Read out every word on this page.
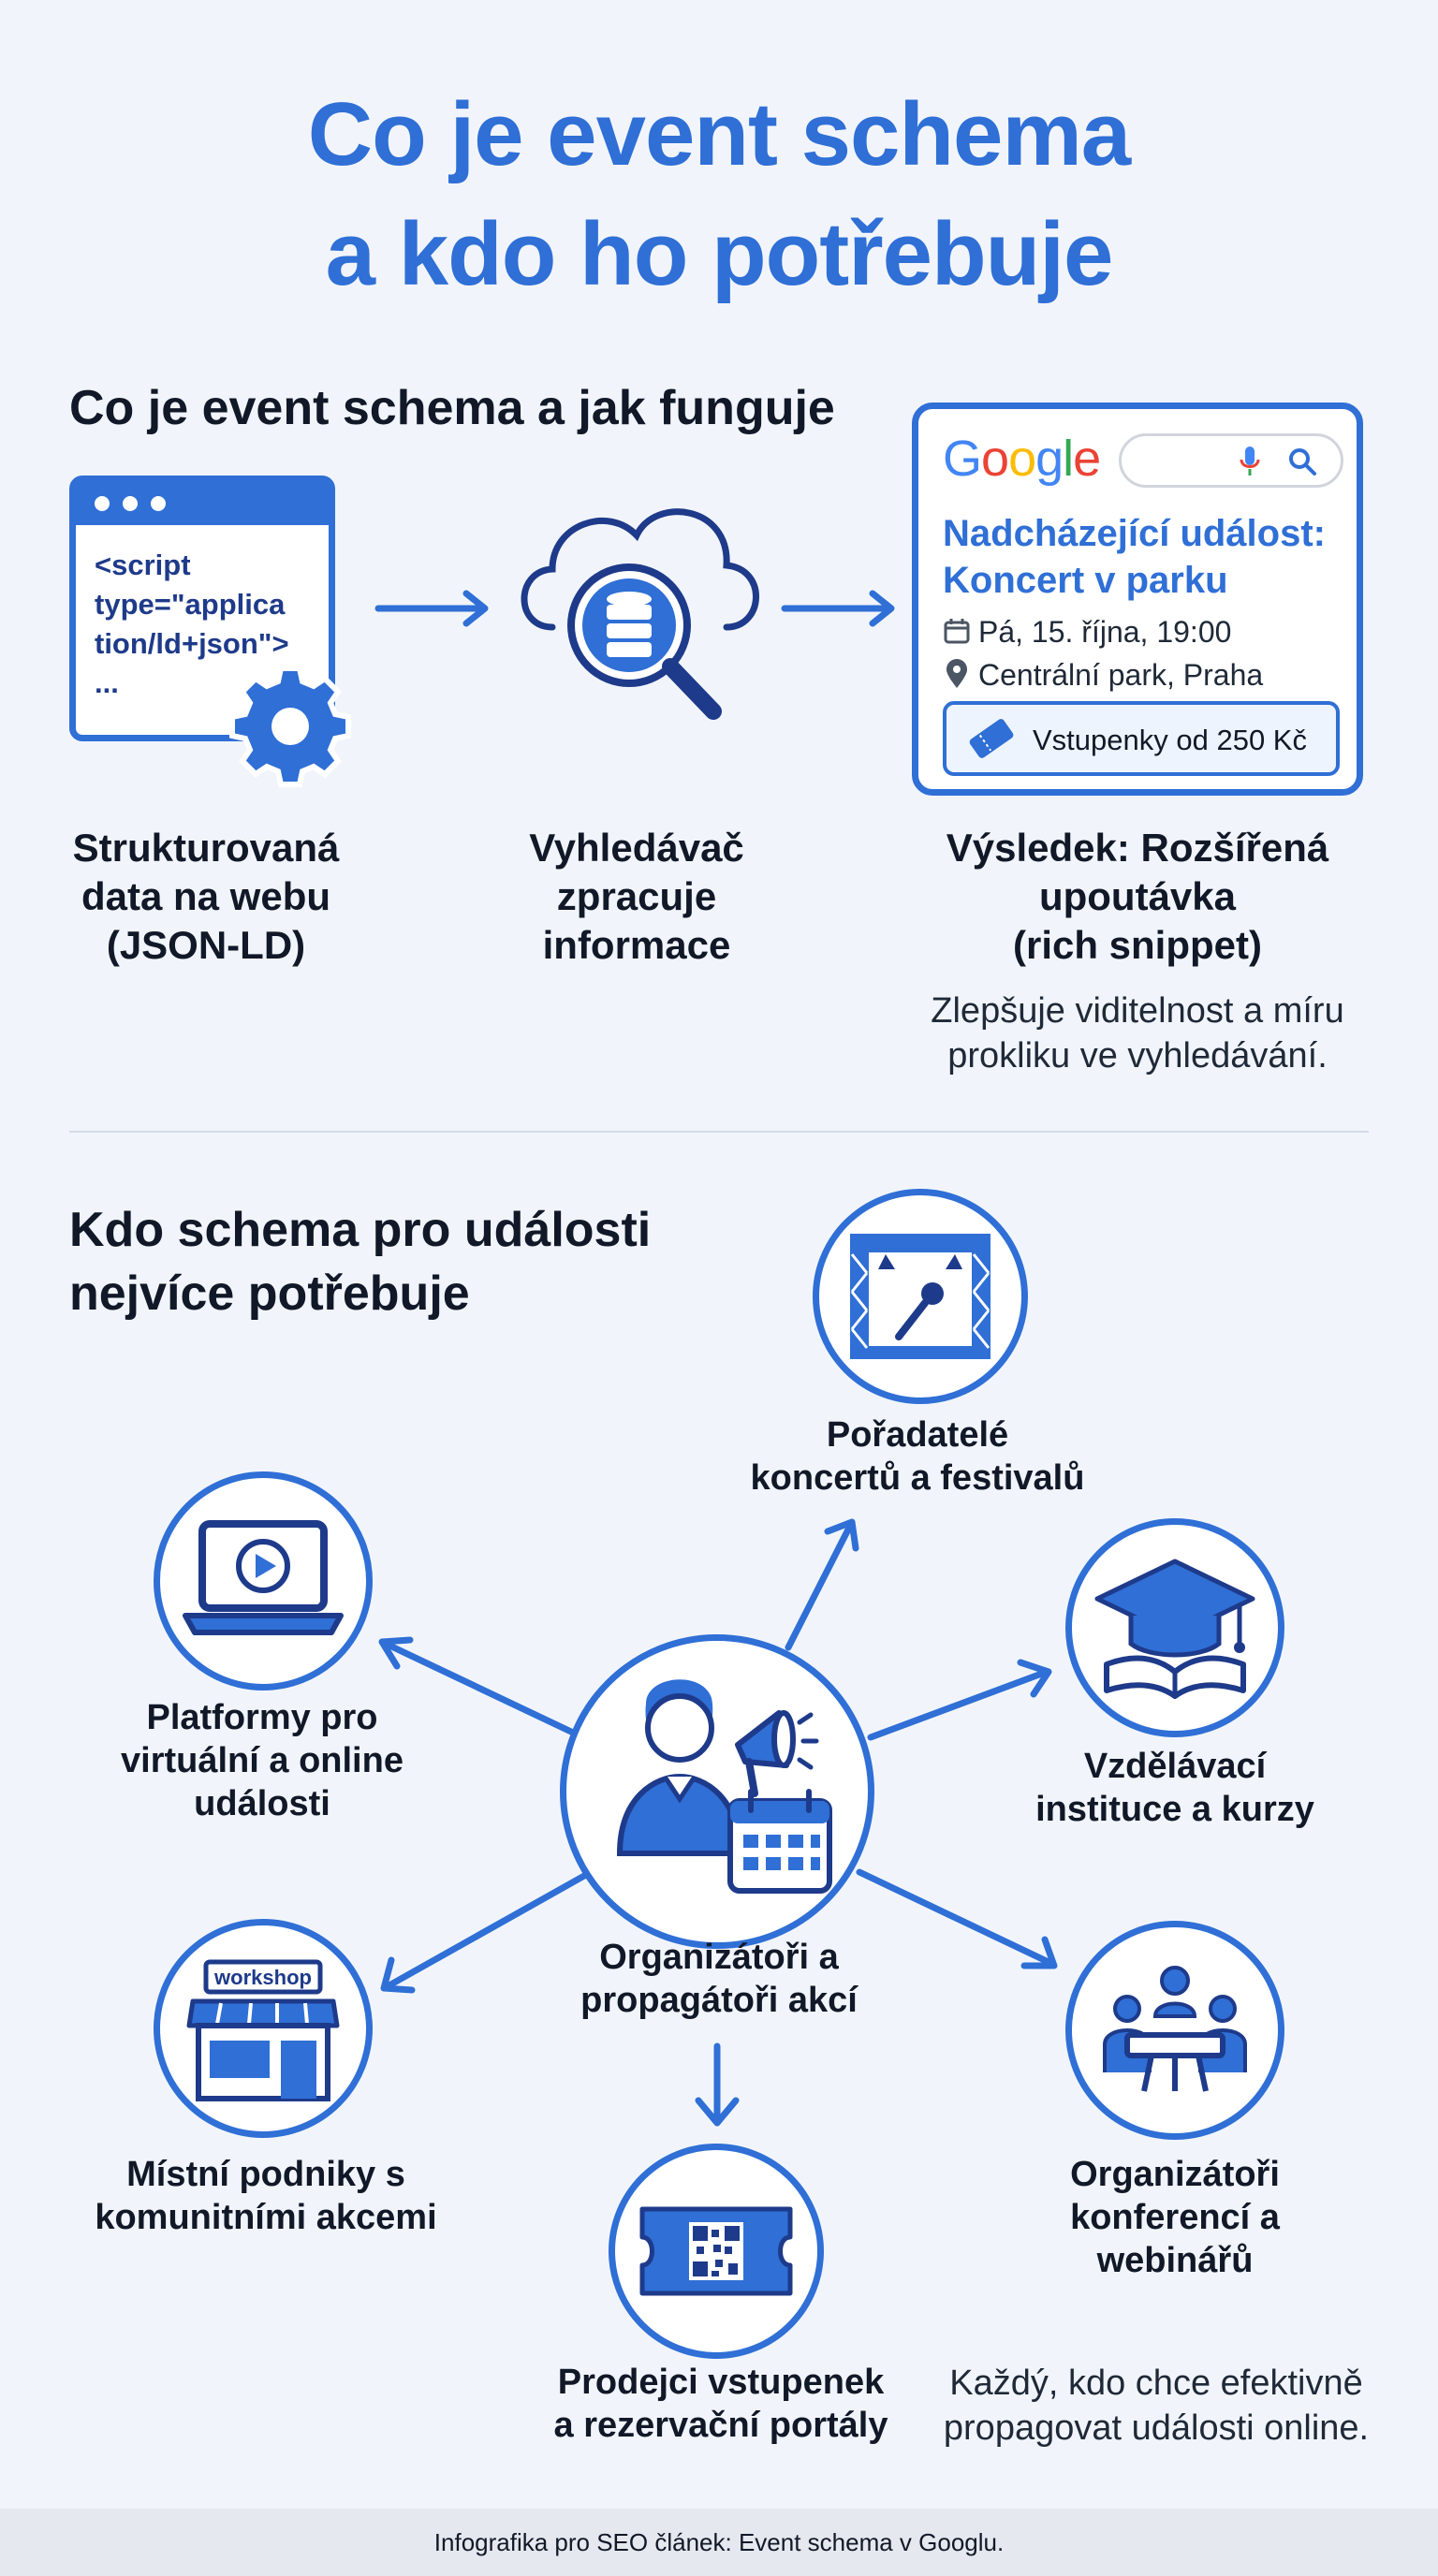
Co je event schema
a kdo ho potřebuje
Co je event schema a jak funguje
<script
type="applica
tion/ld+json">
...
Google
Nadcházející událost:
Koncert v parku
Pá, 15. října, 19:00
Centrální park, Praha
Vstupenky od 250 Kč
Strukturovaná
data na webu
(JSON-LD)
Vyhledávač
zpracuje
informace
Výsledek: Rozšířená
upoutávka
(rich snippet)
Zlepšuje viditelnost a míru
prokliku ve vyhledávání.
Kdo schema pro události
nejvíce potřebuje
Organizátoři a
propagátoři akcí
Pořadatelé
koncertů a festivalů
Platformy pro
virtuální a online
události
Vzdělávací
instituce a kurzy
workshop
Místní podniky s
komunitními akcemi
Organizátoři
konferencí a
webinářů
Prodejci vstupenek
a rezervační portály
Každý, kdo chce efektivně
propagovat události online.
Infografika pro SEO článek: Event schema v Googlu.
